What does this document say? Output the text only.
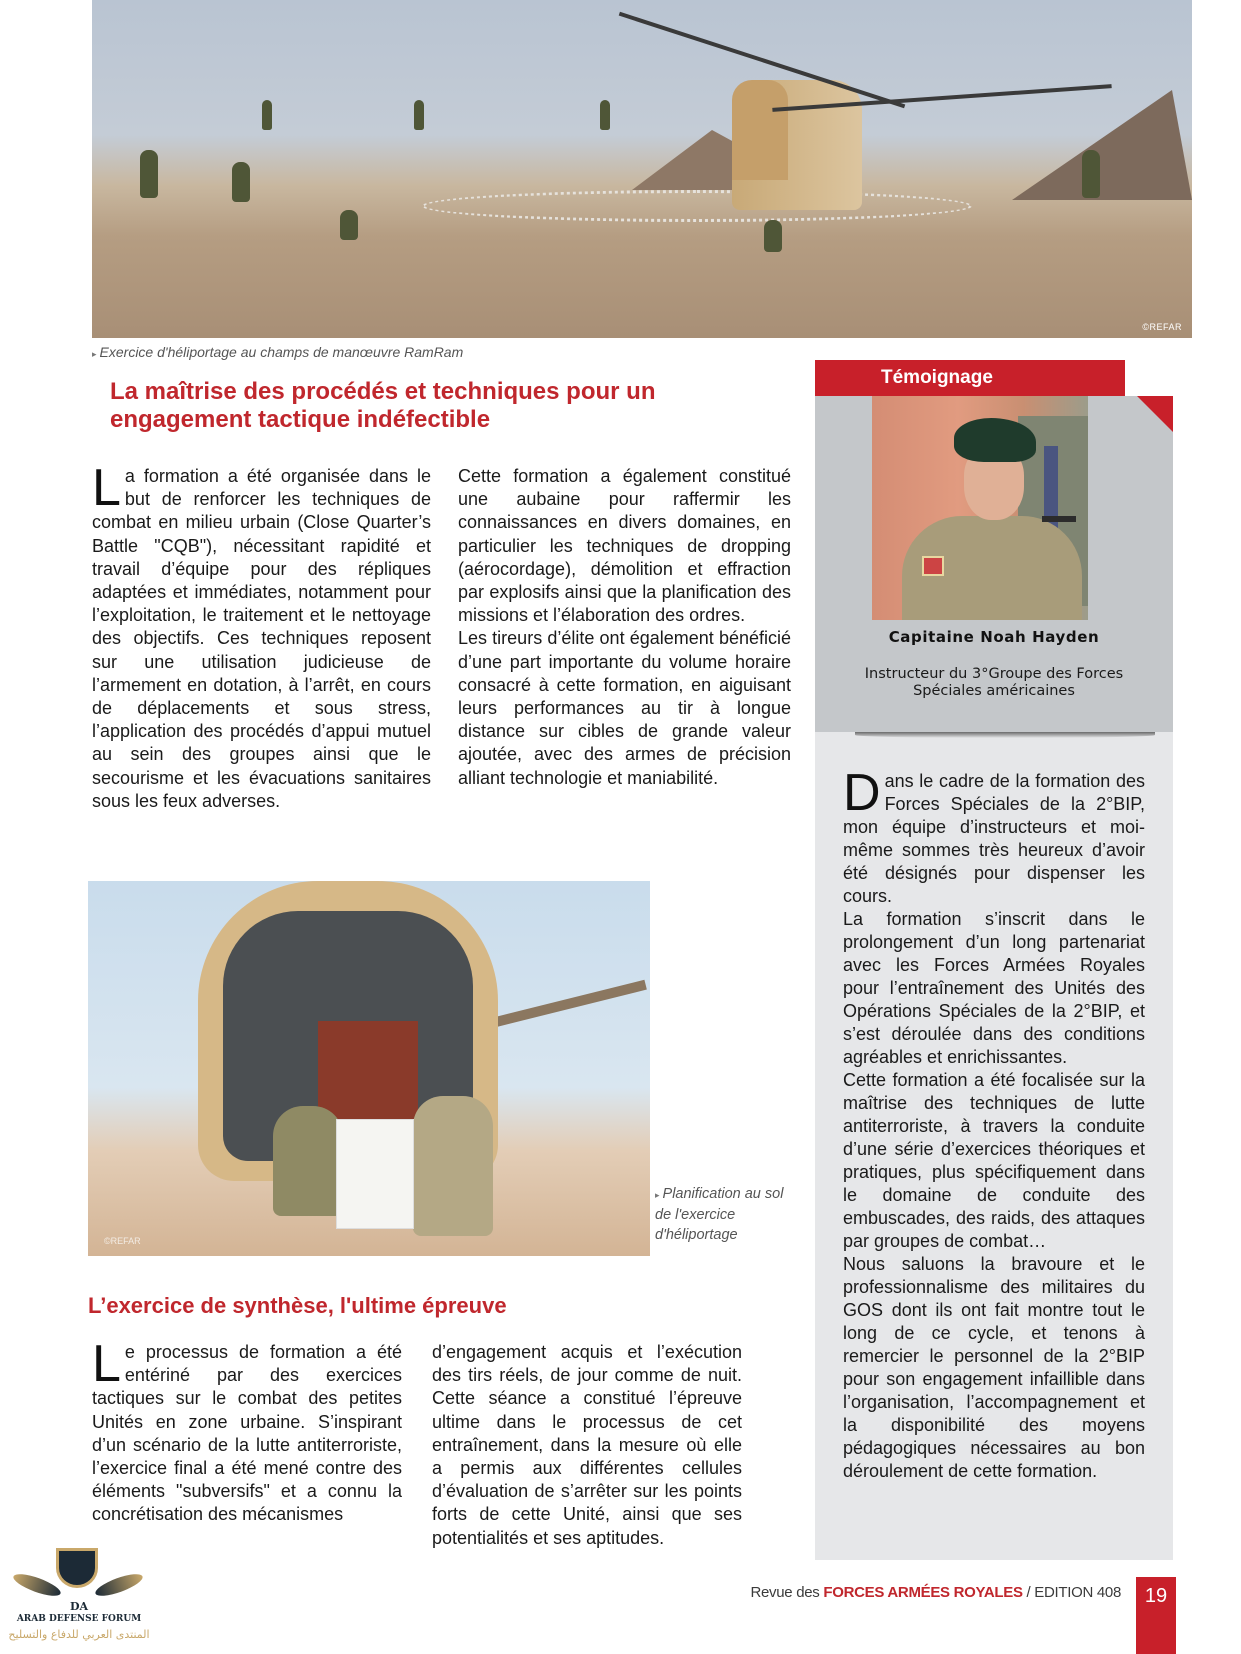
©REFAR
▸ Exercice d'héliportage au champs de manœuvre RamRam
La maîtrise des procédés et techniques pour un engagement tactique indéfectible
L a formation a été organisée dans le but de renforcer les techniques de combat en milieu urbain (Close Quarter’s Battle "CQB"), nécessitant rapidité et travail d’équipe pour des répliques adaptées et immédiates, notamment pour l’exploitation, le traitement et le nettoyage des objectifs. Ces techniques reposent sur une utilisation judicieuse de l’armement en dotation, à l’arrêt, en cours de déplacements et sous stress, l’application des procédés d’appui mutuel au sein des groupes ainsi que le secourisme et les évacuations sanitaires sous les feux adverses.

Cette formation a également constitué une aubaine pour raffermir les connaissances en divers domaines, en particulier les techniques de dropping (aérocordage), démolition et effraction par explosifs ainsi que la planification des missions et l’élaboration des ordres.

Les tireurs d’élite ont également bénéficié d’une part importante du volume horaire consacré à cette formation, en aiguisant leurs performances au tir à longue distance sur cibles de grande valeur ajoutée, avec des armes de précision alliant technologie et maniabilité.

Témoignage
Capitaine Noah Hayden
Instructeur du 3°Groupe des Forces Spéciales américaines
D ans le cadre de la formation des Forces Spéciales de la 2°BIP, mon équipe d’instructeurs et moi-même sommes très heureux d’avoir été désignés pour dispenser les cours.

La formation s’inscrit dans le prolongement d’un long partenariat avec les Forces Armées Royales pour l’entraînement des Unités des Opérations Spéciales de la 2°BIP, et s’est déroulée dans des conditions agréables et enrichissantes.

Cette formation a été focalisée sur la maîtrise des techniques de lutte antiterroriste, à travers la conduite d’une série d’exercices théoriques et pratiques, plus spécifiquement dans le domaine de conduite des embuscades, des raids, des attaques par groupes de combat…

Nous saluons la bravoure et le professionnalisme des militaires du GOS dont ils ont fait montre tout le long de ce cycle, et tenons à remercier le personnel de la 2°BIP pour son engagement infaillible dans l’organisation, l’accompagnement et la disponibilité des moyens pédagogiques nécessaires au bon déroulement de cette formation.

©REFAR
▸ Planification au sol de l'exercice d'héliportage
L’exercice de synthèse, l'ultime épreuve
L e processus de formation a été entériné par des exercices tactiques sur le combat des petites Unités en zone urbaine. S’inspirant d’un scénario de la lutte antiterroriste, l’exercice final a été mené contre des éléments "subversifs" et a connu la concrétisation des mécanismes

d’engagement acquis et l’exécution des tirs réels, de jour comme de nuit. Cette séance a constitué l’épreuve ultime dans le processus de cet entraînement, dans la mesure où elle a permis aux différentes cellules d’évaluation de s’arrêter sur les points forts de cette Unité, ainsi que ses potentialités et ses aptitudes.

DA
ARAB DEFENSE FORUM
المنتدى العربي للدفاع والتسليح
Revue des FORCES ARMÉES ROYALES / EDITION 408	19
